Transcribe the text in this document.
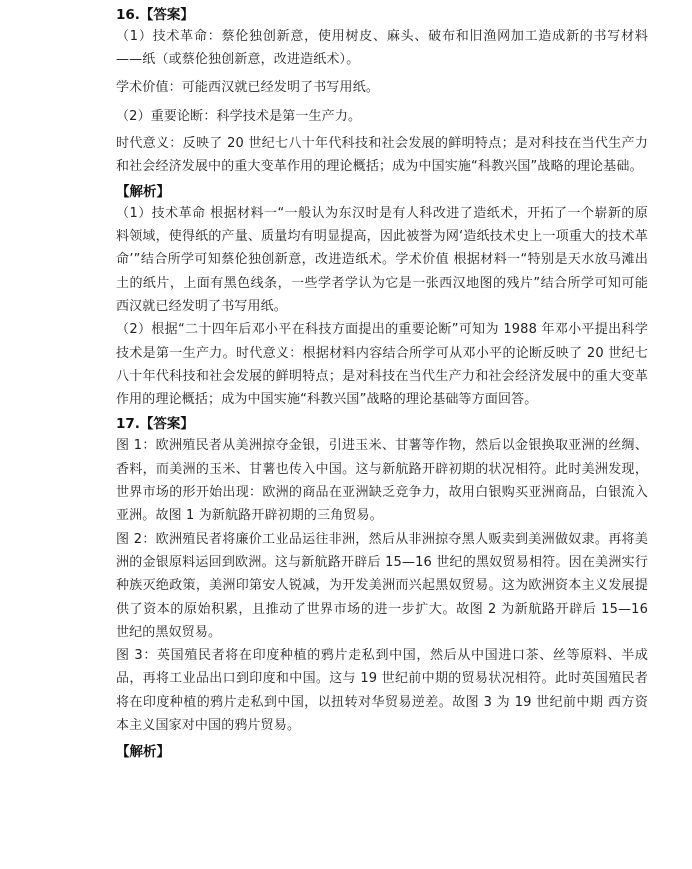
16.【答案】

（1）技术革命：蔡伦独创新意，使用树皮、麻头、破布和旧渔网加工造成新的书写材料——纸（或蔡伦独创新意，改进造纸术）。

学术价值：可能西汉就已经发明了书写用纸。

（2）重要论断：科学技术是第一生产力。

时代意义：反映了 20 世纪七八十年代科技和社会发展的鲜明特点；是对科技在当代生产力和社会经济发展中的重大变革作用的理论概括；成为中国实施“科教兴国”战略的理论基础。

【解析】

（1）技术革命 根据材料一“一般认为东汉时是有人科改进了造纸术，开拓了一个崭新的原料领域，使得纸的产量、质量均有明显提高，因此被誉为网‘造纸技术史上一项重大的技术革命’”结合所学可知蔡伦独创新意，改进造纸术。学术价值 根据材料一“特别是天水放马滩出土的纸片，上面有黑色线条，一些学者学认为它是一张西汉地图的残片”结合所学可知可能西汉就已经发明了书写用纸。

（2）根据“二十四年后邓小平在科技方面提出的重要论断”可知为 1988 年邓小平提出科学技术是第一生产力。时代意义：根据材料内容结合所学可从邓小平的论断反映了 20 世纪七八十年代科技和社会发展的鲜明特点；是对科技在当代生产力和社会经济发展中的重大变革作用的理论概括；成为中国实施“科教兴国”战略的理论基础等方面回答。

17.【答案】

图 1：欧洲殖民者从美洲掠夺金银，引进玉米、甘薯等作物，然后以金银换取亚洲的丝绸、香料，而美洲的玉米、甘薯也传入中国。这与新航路开辟初期的状况相符。此时美洲发现，世界市场的形开始出现：欧洲的商品在亚洲缺乏竞争力，故用白银购买亚洲商品，白银流入亚洲。故图 1 为新航路开辟初期的三角贸易。

图 2：欧洲殖民者将廉价工业品运往非洲，然后从非洲掠夺黑人贩卖到美洲做奴隶。再将美洲的金银原料运回到欧洲。这与新航路开辟后 15—16 世纪的黑奴贸易相符。因在美洲实行种族灭绝政策，美洲印第安人锐减，为开发美洲而兴起黑奴贸易。这为欧洲资本主义发展提供了资本的原始积累，且推动了世界市场的进一步扩大。故图 2 为新航路开辟后 15—16 世纪的黑奴贸易。

图 3：英国殖民者将在印度种植的鸦片走私到中国，然后从中国进口茶、丝等原料、半成品，再将工业品出口到印度和中国。这与 19 世纪前中期的贸易状况相符。此时英国殖民者将在印度种植的鸦片走私到中国，以扭转对华贸易逆差。故图 3 为 19 世纪前中期 西方资本主义国家对中国的鸦片贸易。

【解析】
